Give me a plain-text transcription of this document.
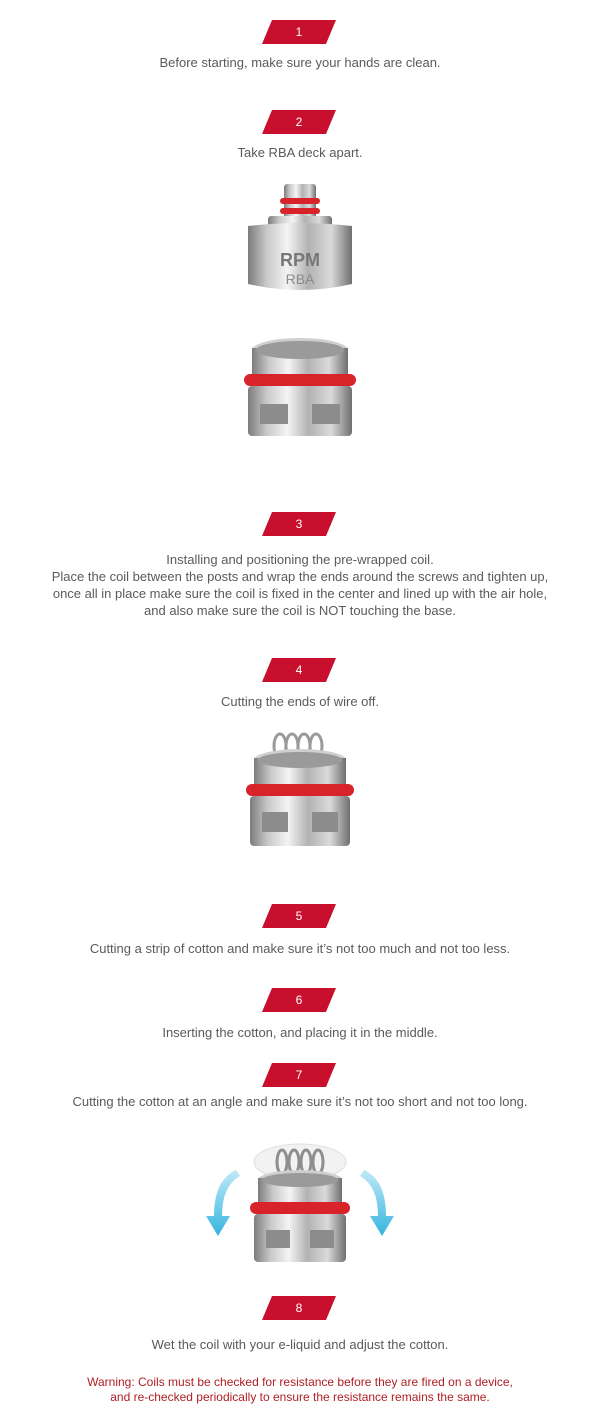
1
Before starting, make sure your hands are clean.
2
Take RBA deck apart.
RPM
RBA
3
Installing and positioning the pre-wrapped coil.
Place the coil between the posts and wrap the ends around the screws and tighten up,
once all in place make sure the coil is fixed in the center and lined up with the air hole,
and also make sure the coil is NOT touching the base.
4
Cutting the ends of wire off.
5
Cutting a strip of cotton and make sure it’s not too much and not too less.
6
Inserting the cotton, and placing it in the middle.
7
Cutting the cotton at an angle and make sure it’s not too short and not too long.
8
Wet the coil with your e-liquid and adjust the cotton.
Warning: Coils must be checked for resistance before they are fired on a device,
and re-checked periodically to ensure the resistance remains the same.
